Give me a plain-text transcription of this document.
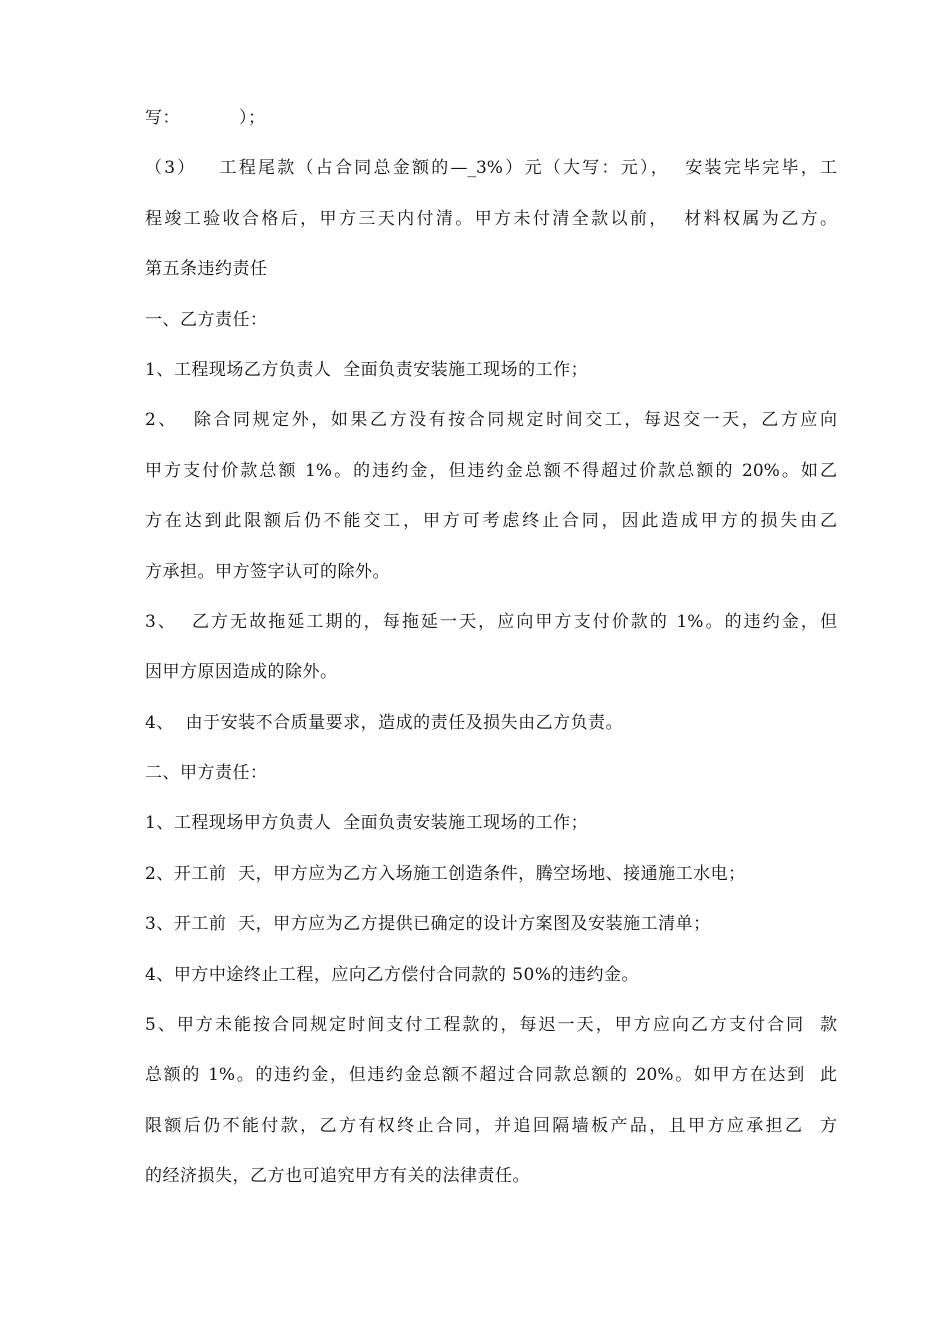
写：          ）；
（3）   工程尾款（占合同总金额的—_3%）元（大写：元），  安装完毕完毕，工
程竣工验收合格后，甲方三天内付清。甲方未付清全款以前，  材料权属为乙方。
第五条违约责任
一、乙方责任：
1、工程现场乙方负责人  全面负责安装施工现场的工作；
2、  除合同规定外，如果乙方没有按合同规定时间交工，每迟交一天，乙方应向
甲方支付价款总额 1%。的违约金，但违约金总额不得超过价款总额的 20%。如乙
方在达到此限额后仍不能交工，甲方可考虑终止合同，因此造成甲方的损失由乙
方承担。甲方签字认可的除外。
3、  乙方无故拖延工期的，每拖延一天，应向甲方支付价款的 1%。的违约金，但
因甲方原因造成的除外。
4、  由于安装不合质量要求，造成的责任及损失由乙方负责。
二、甲方责任：
1、工程现场甲方负责人  全面负责安装施工现场的工作；
2、开工前  天，甲方应为乙方入场施工创造条件，腾空场地、接通施工水电；
3、开工前  天，甲方应为乙方提供已确定的设计方案图及安装施工清单；
4、甲方中途终止工程，应向乙方偿付合同款的 50%的违约金。
5、甲方未能按合同规定时间支付工程款的，每迟一天，甲方应向乙方支付合同  款
总额的 1%。的违约金，但违约金总额不超过合同款总额的 20%。如甲方在达到  此
限额后仍不能付款，乙方有权终止合同，并追回隔墙板产品，且甲方应承担乙  方
的经济损失，乙方也可追究甲方有关的法律责任。
